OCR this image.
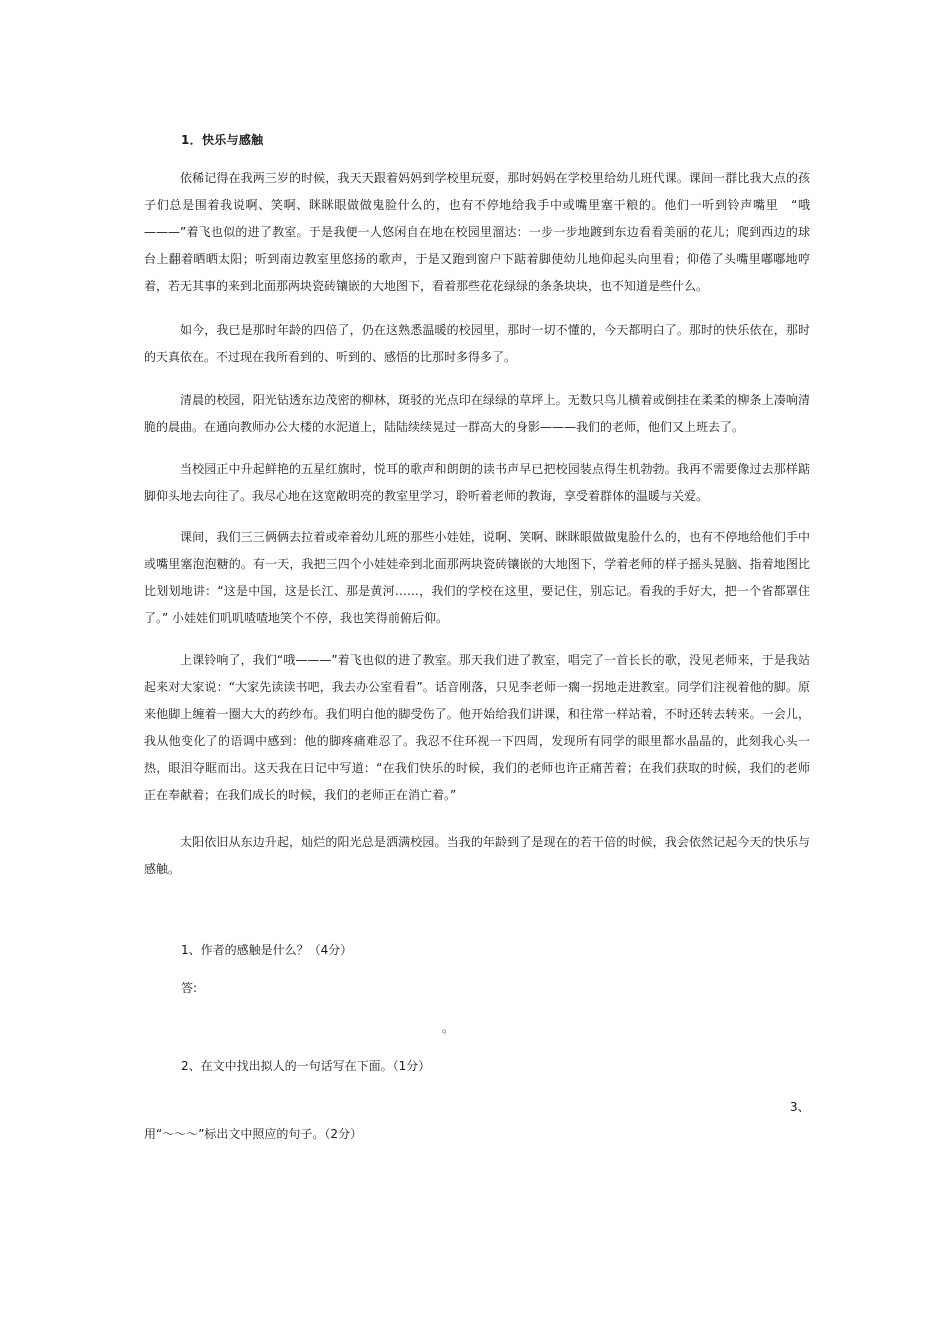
1．快乐与感触

依稀记得在我两三岁的时候，我天天跟着妈妈到学校里玩耍，那时妈妈在学校里给幼儿班代课。课间一群比我大点的孩子们总是围着我说啊、笑啊、眯眯眼做做鬼脸什么的，也有不停地给我手中或嘴里塞干粮的。他们一听到铃声嘴里　“哦———”着飞也似的进了教室。于是我便一人悠闲自在地在校园里溜达：一步一步地踱到东边看看美丽的花儿；爬到西边的球台上翻着晒晒太阳；听到南边教室里悠扬的歌声，于是又跑到窗户下踮着脚使幼儿地仰起头向里看；仰倦了头嘴里嘟嘟地哼着，若无其事的来到北面那两块瓷砖镶嵌的大地图下，看着那些花花绿绿的条条块块，也不知道是些什么。

如今，我已是那时年龄的四倍了，仍在这熟悉温暖的校园里，那时一切不懂的，今天都明白了。那时的快乐依在，那时的天真依在。不过现在我所看到的、听到的、感悟的比那时多得多了。

清晨的校园，阳光钻透东边茂密的柳林，斑驳的光点印在绿绿的草坪上。无数只鸟儿横着或倒挂在柔柔的柳条上凑响清脆的晨曲。在通向教师办公大楼的水泥道上，陆陆续续晃过一群高大的身影———我们的老师，他们又上班去了。

当校园正中升起鲜艳的五星红旗时，悦耳的歌声和朗朗的读书声早已把校园装点得生机勃勃。我再不需要像过去那样踮脚仰头地去向往了。我尽心地在这宽敞明亮的教室里学习，聆听着老师的教诲，享受着群体的温暖与关爱。

课间，我们三三俩俩去拉着或牵着幼儿班的那些小娃娃，说啊、笑啊、眯眯眼做做鬼脸什么的，也有不停地给他们手中或嘴里塞泡泡糖的。有一天，我把三四个小娃娃牵到北面那两块瓷砖镶嵌的大地图下，学着老师的样子摇头晃脑、指着地图比比划划地讲：“这是中国，这是长江、那是黄河……，我们的学校在这里，要记住，别忘记。看我的手好大，把一个省都罩住了。” 小娃娃们叽叽喳喳地笑个不停，我也笑得前俯后仰。

上课铃响了，我们“哦———”着飞也似的进了教室。那天我们进了教室，唱完了一首长长的歌，没见老师来，于是我站起来对大家说：“大家先读读书吧，我去办公室看看”。话音刚落，只见李老师一瘸一拐地走进教室。同学们注视着他的脚。原来他脚上缠着一圈大大的药纱布。我们明白他的脚受伤了。他开始给我们讲课，和往常一样站着，不时还转去转来。一会儿，我从他变化了的语调中感到：他的脚疼痛难忍了。我忍不住环视一下四周，发现所有同学的眼里都水晶晶的，此刻我心头一热，眼泪夺眶而出。这天我在日记中写道：“在我们快乐的时候，我们的老师也许正痛苦着；在我们获取的时候，我们的老师正在奉献着；在我们成长的时候，我们的老师正在消亡着。”

太阳依旧从东边升起，灿烂的阳光总是洒满校园。当我的年龄到了是现在的若干倍的时候，我会依然记起今天的快乐与感触。

1、作者的感触是什么？（4分）
答:
。
2、在文中找出拟人的一句话写在下面。（1分）
3、
用“～～～”标出文中照应的句子。（2分）
